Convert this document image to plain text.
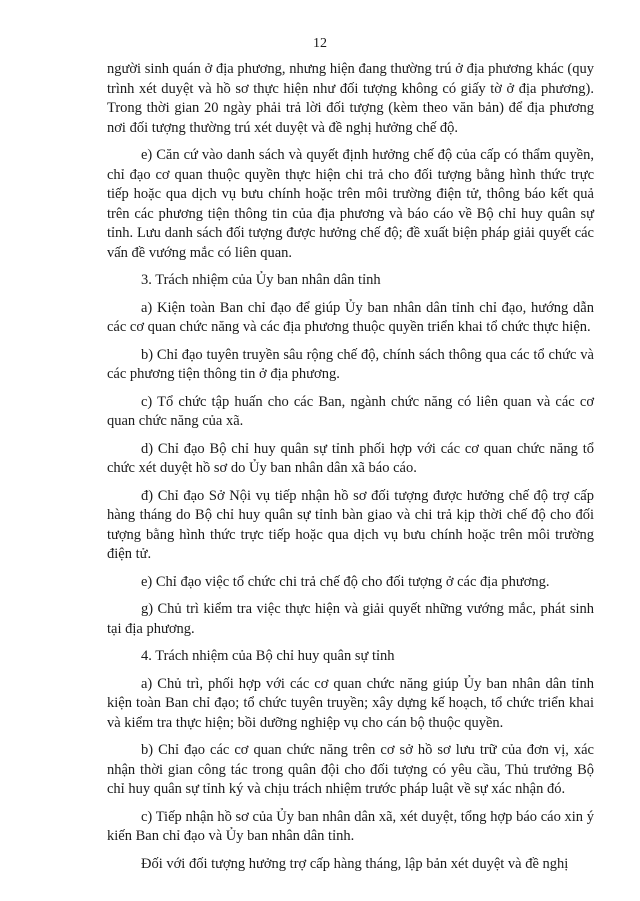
12

người sinh quán ở địa phương, nhưng hiện đang thường trú ở địa phương khác (quy trình xét duyệt và hồ sơ thực hiện như đối tượng không có giấy tờ ở địa phương). Trong thời gian 20 ngày phải trả lời đối tượng (kèm theo văn bản) để địa phương nơi đối tượng thường trú xét duyệt và đề nghị hưởng chế độ.

e) Căn cứ vào danh sách và quyết định hưởng chế độ của cấp có thẩm quyền, chỉ đạo cơ quan thuộc quyền thực hiện chi trả cho đối tượng bằng hình thức trực tiếp hoặc qua dịch vụ bưu chính hoặc trên môi trường điện tử, thông báo kết quả trên các phương tiện thông tin của địa phương và báo cáo về Bộ chỉ huy quân sự tỉnh. Lưu danh sách đối tượng được hưởng chế độ; đề xuất biện pháp giải quyết các vấn đề vướng mắc có liên quan.

3. Trách nhiệm của Ủy ban nhân dân tỉnh

a) Kiện toàn Ban chỉ đạo để giúp Ủy ban nhân dân tỉnh chỉ đạo, hướng dẫn các cơ quan chức năng và các địa phương thuộc quyền triển khai tổ chức thực hiện.

b) Chỉ đạo tuyên truyền sâu rộng chế độ, chính sách thông qua các tổ chức và các phương tiện thông tin ở địa phương.

c) Tổ chức tập huấn cho các Ban, ngành chức năng có liên quan và các cơ quan chức năng của xã.

d) Chỉ đạo Bộ chỉ huy quân sự tỉnh phối hợp với các cơ quan chức năng tổ chức xét duyệt hồ sơ do Ủy ban nhân dân xã báo cáo.

đ) Chỉ đạo Sở Nội vụ tiếp nhận hồ sơ đối tượng được hưởng chế độ trợ cấp hàng tháng do Bộ chỉ huy quân sự tỉnh bàn giao và chi trả kịp thời chế độ cho đối tượng bằng hình thức trực tiếp hoặc qua dịch vụ bưu chính hoặc trên môi trường điện tử.

e) Chỉ đạo việc tổ chức chi trả chế độ cho đối tượng ở các địa phương.

g) Chủ trì kiểm tra việc thực hiện và giải quyết những vướng mắc, phát sinh tại địa phương.

4. Trách nhiệm của Bộ chỉ huy quân sự tỉnh

a) Chủ trì, phối hợp với các cơ quan chức năng giúp Ủy ban nhân dân tỉnh kiện toàn Ban chỉ đạo; tổ chức tuyên truyền; xây dựng kế hoạch, tổ chức triển khai và kiểm tra thực hiện; bồi dưỡng nghiệp vụ cho cán bộ thuộc quyền.

b) Chỉ đạo các cơ quan chức năng trên cơ sở hồ sơ lưu trữ của đơn vị, xác nhận thời gian công tác trong quân đội cho đối tượng có yêu cầu, Thủ trưởng Bộ chỉ huy quân sự tỉnh ký và chịu trách nhiệm trước pháp luật về sự xác nhận đó.

c) Tiếp nhận hồ sơ của Ủy ban nhân dân xã, xét duyệt, tổng hợp báo cáo xin ý kiến Ban chỉ đạo và Ủy ban nhân dân tỉnh.

Đối với đối tượng hưởng trợ cấp hàng tháng, lập bản xét duyệt và đề nghị
